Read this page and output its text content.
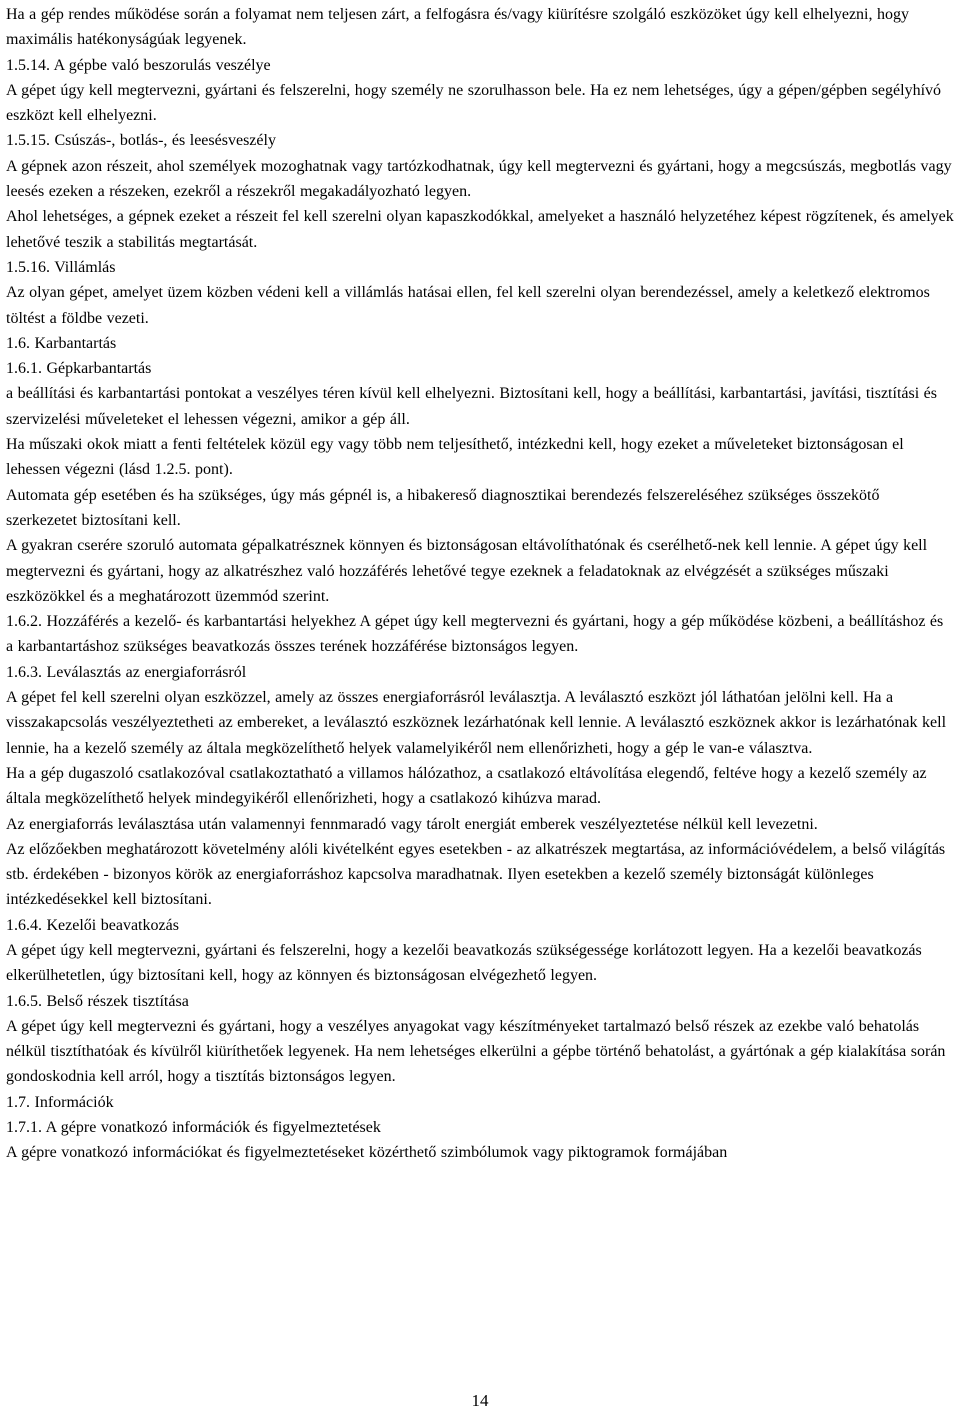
Ha a gép rendes működése során a folyamat nem teljesen zárt, a felfogásra és/vagy kiürítésre szolgáló eszközöket úgy kell elhelyezni, hogy maximális hatékonyságúak legyenek.

1.5.14. A gépbe való beszorulás veszélye

A gépet úgy kell megtervezni, gyártani és felszerelni, hogy személy ne szorulhasson bele. Ha ez nem lehetséges, úgy a gépen/gépben segélyhívó eszközt kell elhelyezni.

1.5.15. Csúszás-, botlás-, és leesésveszély

A gépnek azon részeit, ahol személyek mozoghatnak vagy tartózkodhatnak, úgy kell megtervezni és gyártani, hogy a megcsúszás, megbotlás vagy leesés ezeken a részeken, ezekről a részekről megakadályozható legyen.

Ahol lehetséges, a gépnek ezeket a részeit fel kell szerelni olyan kapaszkodókkal, amelyeket a használó helyzetéhez képest rögzítenek, és amelyek lehetővé teszik a stabilitás megtartását.

1.5.16. Villámlás

Az olyan gépet, amelyet üzem közben védeni kell a villámlás hatásai ellen, fel kell szerelni olyan berendezéssel, amely a keletkező elektromos töltést a földbe vezeti.

1.6. Karbantartás

1.6.1. Gépkarbantartás

a beállítási és karbantartási pontokat a veszélyes téren kívül kell elhelyezni. Biztosítani kell, hogy a beállítási, karbantartási, javítási, tisztítási és szervizelési műveleteket el lehessen végezni, amikor a gép áll.

Ha műszaki okok miatt a fenti feltételek közül egy vagy több nem teljesíthető, intézkedni kell, hogy ezeket a műveleteket biztonságosan el lehessen végezni (lásd 1.2.5. pont).

Automata gép esetében és ha szükséges, úgy más gépnél is, a hibakereső diagnosztikai berendezés felszereléséhez szükséges összekötő szerkezetet biztosítani kell.

A gyakran cserére szoruló automata gépalkatrésznek könnyen és biztonságosan eltávolíthatónak és cserélhető-nek kell lennie. A gépet úgy kell megtervezni és gyártani, hogy az alkatrészhez való hozzáférés lehetővé tegye ezeknek a feladatoknak az elvégzését a szükséges műszaki eszközökkel és a meghatározott üzemmód szerint.

1.6.2. Hozzáférés a kezelő- és karbantartási helyekhez A gépet úgy kell megtervezni és gyártani, hogy a gép működése közbeni, a beállításhoz és a karbantartáshoz szükséges beavatkozás összes terének hozzáférése biztonságos legyen.

1.6.3. Leválasztás az energiaforrásról

A gépet fel kell szerelni olyan eszközzel, amely az összes energiaforrásról leválasztja. A leválasztó eszközt jól láthatóan jelölni kell. Ha a visszakapcsolás veszélyeztetheti az embereket, a leválasztó eszköznek lezárhatónak kell lennie. A leválasztó eszköznek akkor is lezárhatónak kell lennie, ha a kezelő személy az általa megközelíthető helyek valamelyikéről nem ellenőrizheti, hogy a gép le van-e választva.

Ha a gép dugaszoló csatlakozóval csatlakoztatható a villamos hálózathoz, a csatlakozó eltávolítása elegendő, feltéve hogy a kezelő személy az általa megközelíthető helyek mindegyikéről ellenőrizheti, hogy a csatlakozó kihúzva marad.

Az energiaforrás leválasztása után valamennyi fennmaradó vagy tárolt energiát emberek veszélyeztetése nélkül kell levezetni.

Az előzőekben meghatározott követelmény alóli kivételként egyes esetekben - az alkatrészek megtartása, az információvédelem, a belső világítás stb. érdekében - bizonyos körök az energiaforráshoz kapcsolva maradhatnak. Ilyen esetekben a kezelő személy biztonságát különleges intézkedésekkel kell biztosítani.

1.6.4. Kezelői beavatkozás

A gépet úgy kell megtervezni, gyártani és felszerelni, hogy a kezelői beavatkozás szükségessége korlátozott legyen. Ha a kezelői beavatkozás elkerülhetetlen, úgy biztosítani kell, hogy az könnyen és biztonságosan elvégezhető legyen.

1.6.5. Belső részek tisztítása

A gépet úgy kell megtervezni és gyártani, hogy a veszélyes anyagokat vagy készítményeket tartalmazó belső részek az ezekbe való behatolás nélkül tisztíthatóak és kívülről kiüríthetőek legyenek. Ha nem lehetséges elkerülni a gépbe történő behatolást, a gyártónak a gép kialakítása során gondoskodnia kell arról, hogy a tisztítás biztonságos legyen.

1.7. Információk

1.7.1. A gépre vonatkozó információk és figyelmeztetések

A gépre vonatkozó információkat és figyelmeztetéseket közérthető szimbólumok vagy piktogramok formájában

14
